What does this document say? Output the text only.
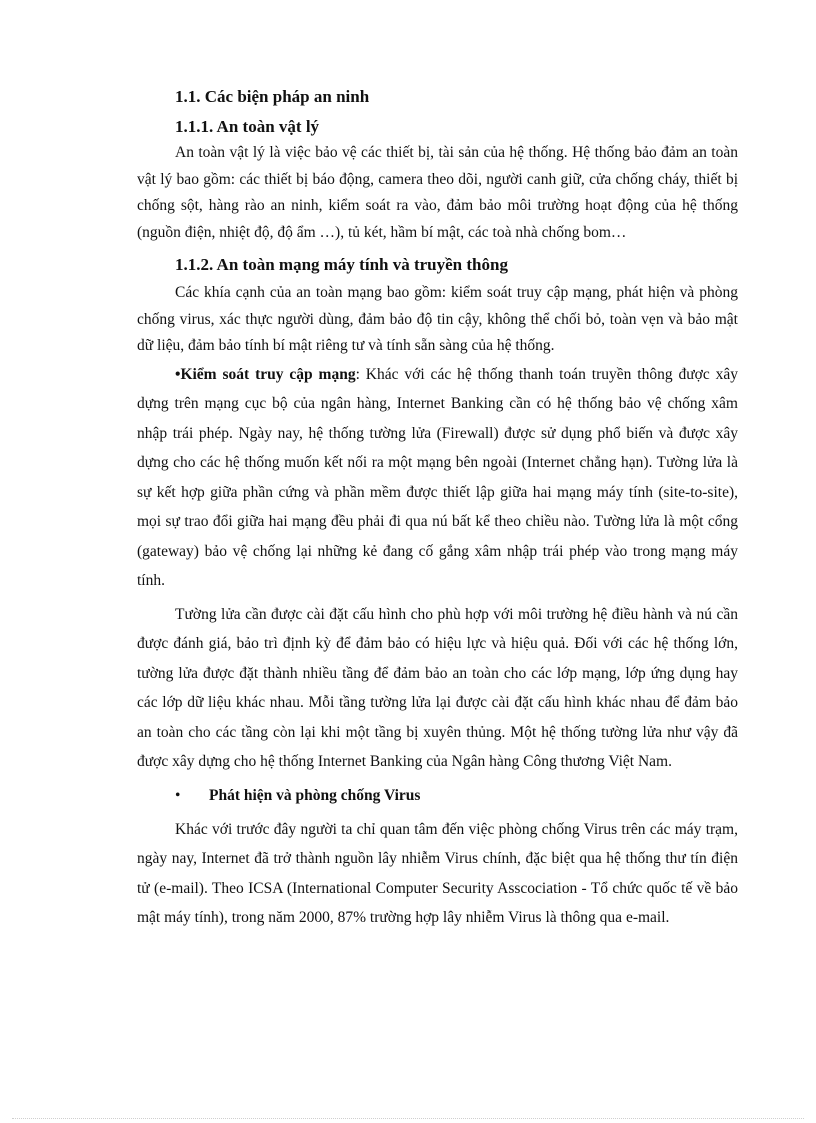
1.1. Các biện pháp an ninh
1.1.1. An toàn vật lý

An toàn vật lý là việc bảo vệ các thiết bị, tài sản của hệ thống. Hệ thống bảo đảm an toàn vật lý bao gồm: các thiết bị báo động, camera theo dõi, người canh giữ, cửa chống cháy, thiết bị chống sột, hàng rào an ninh, kiểm soát ra vào, đảm bảo môi trường hoạt động của hệ thống (nguồn điện, nhiệt độ, độ ẩm …), tủ két, hầm bí mật, các toà nhà chống bom…

1.1.2. An toàn mạng máy tính và truyền thông

Các khía cạnh của an toàn mạng bao gồm: kiểm soát truy cập mạng, phát hiện và phòng chống virus, xác thực người dùng, đảm bảo độ tin cậy, không thể chối bỏ, toàn vẹn và bảo mật dữ liệu, đảm bảo tính bí mật riêng tư và tính sẵn sàng của hệ thống.

•Kiểm soát truy cập mạng: Khác với các hệ thống thanh toán truyền thông được xây dựng trên mạng cục bộ của ngân hàng, Internet Banking cần có hệ thống bảo vệ chống xâm nhập trái phép. Ngày nay, hệ thống tường lửa (Firewall) được sử dụng phổ biến và được xây dựng cho các hệ thống muốn kết nối ra một mạng bên ngoài (Internet chẳng hạn). Tường lửa là sự kết hợp giữa phần cứng và phần mềm được thiết lập giữa hai mạng máy tính (site-to-site), mọi sự trao đổi giữa hai mạng đều phải đi qua nú bất kể theo chiều nào. Tường lửa là một cổng (gateway) bảo vệ chống lại những kẻ đang cố gắng xâm nhập trái phép vào trong mạng máy tính.

Tường lửa cần được cài đặt cấu hình cho phù hợp với môi trường hệ điều hành và nú cần được đánh giá, bảo trì định kỳ để đảm bảo có hiệu lực và hiệu quả. Đối với các hệ thống lớn, tường lửa được đặt thành nhiều tầng để đảm bảo an toàn cho các lớp mạng, lớp ứng dụng hay các lớp dữ liệu khác nhau. Mỗi tầng tường lửa lại được cài đặt cấu hình khác nhau để đảm bảo an toàn cho các tầng còn lại khi một tầng bị xuyên thủng. Một hệ thống tường lửa như vậy đã được xây dựng cho hệ thống Internet Banking của Ngân hàng Công thương Việt Nam.

•	Phát hiện và phòng chống Virus

Khác với trước đây người ta chỉ quan tâm đến việc phòng chống Virus trên các máy trạm, ngày nay, Internet đã trở thành nguồn lây nhiễm Virus chính, đặc biệt qua hệ thống thư tín điện tử (e-mail). Theo ICSA (International Computer Security Asscociation - Tổ chức quốc tế về bảo mật máy tính), trong năm 2000, 87% trường hợp lây nhiễm Virus là thông qua e-mail.
